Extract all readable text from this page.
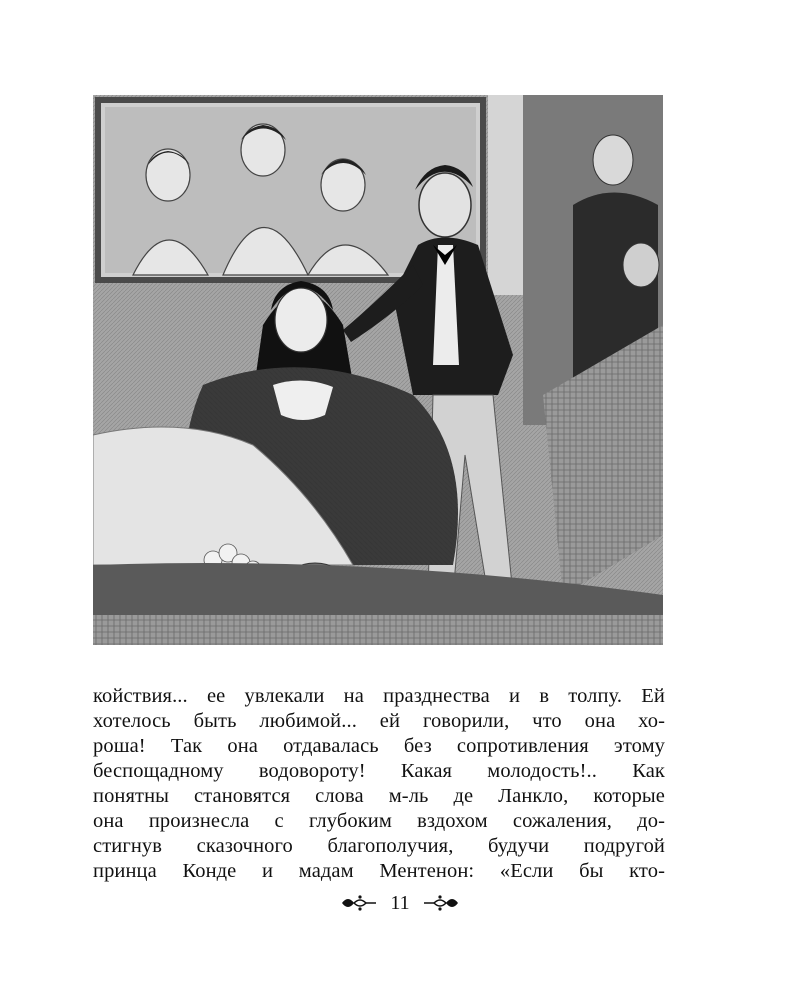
койствия... ее увлекали на празднества и в толпу. Ей
хотелось быть любимой... ей говорили, что она хо-
роша! Так она отдавалась без сопротивления этому
беспощадному водовороту! Какая молодость!.. Как
понятны становятся слова м-ль де Ланкло, которые
она произнесла с глубоким вздохом сожаления, до-
стигнув сказочного благополучия, будучи подругой
принца Конде и мадам Ментенон: «Если бы кто-
11
